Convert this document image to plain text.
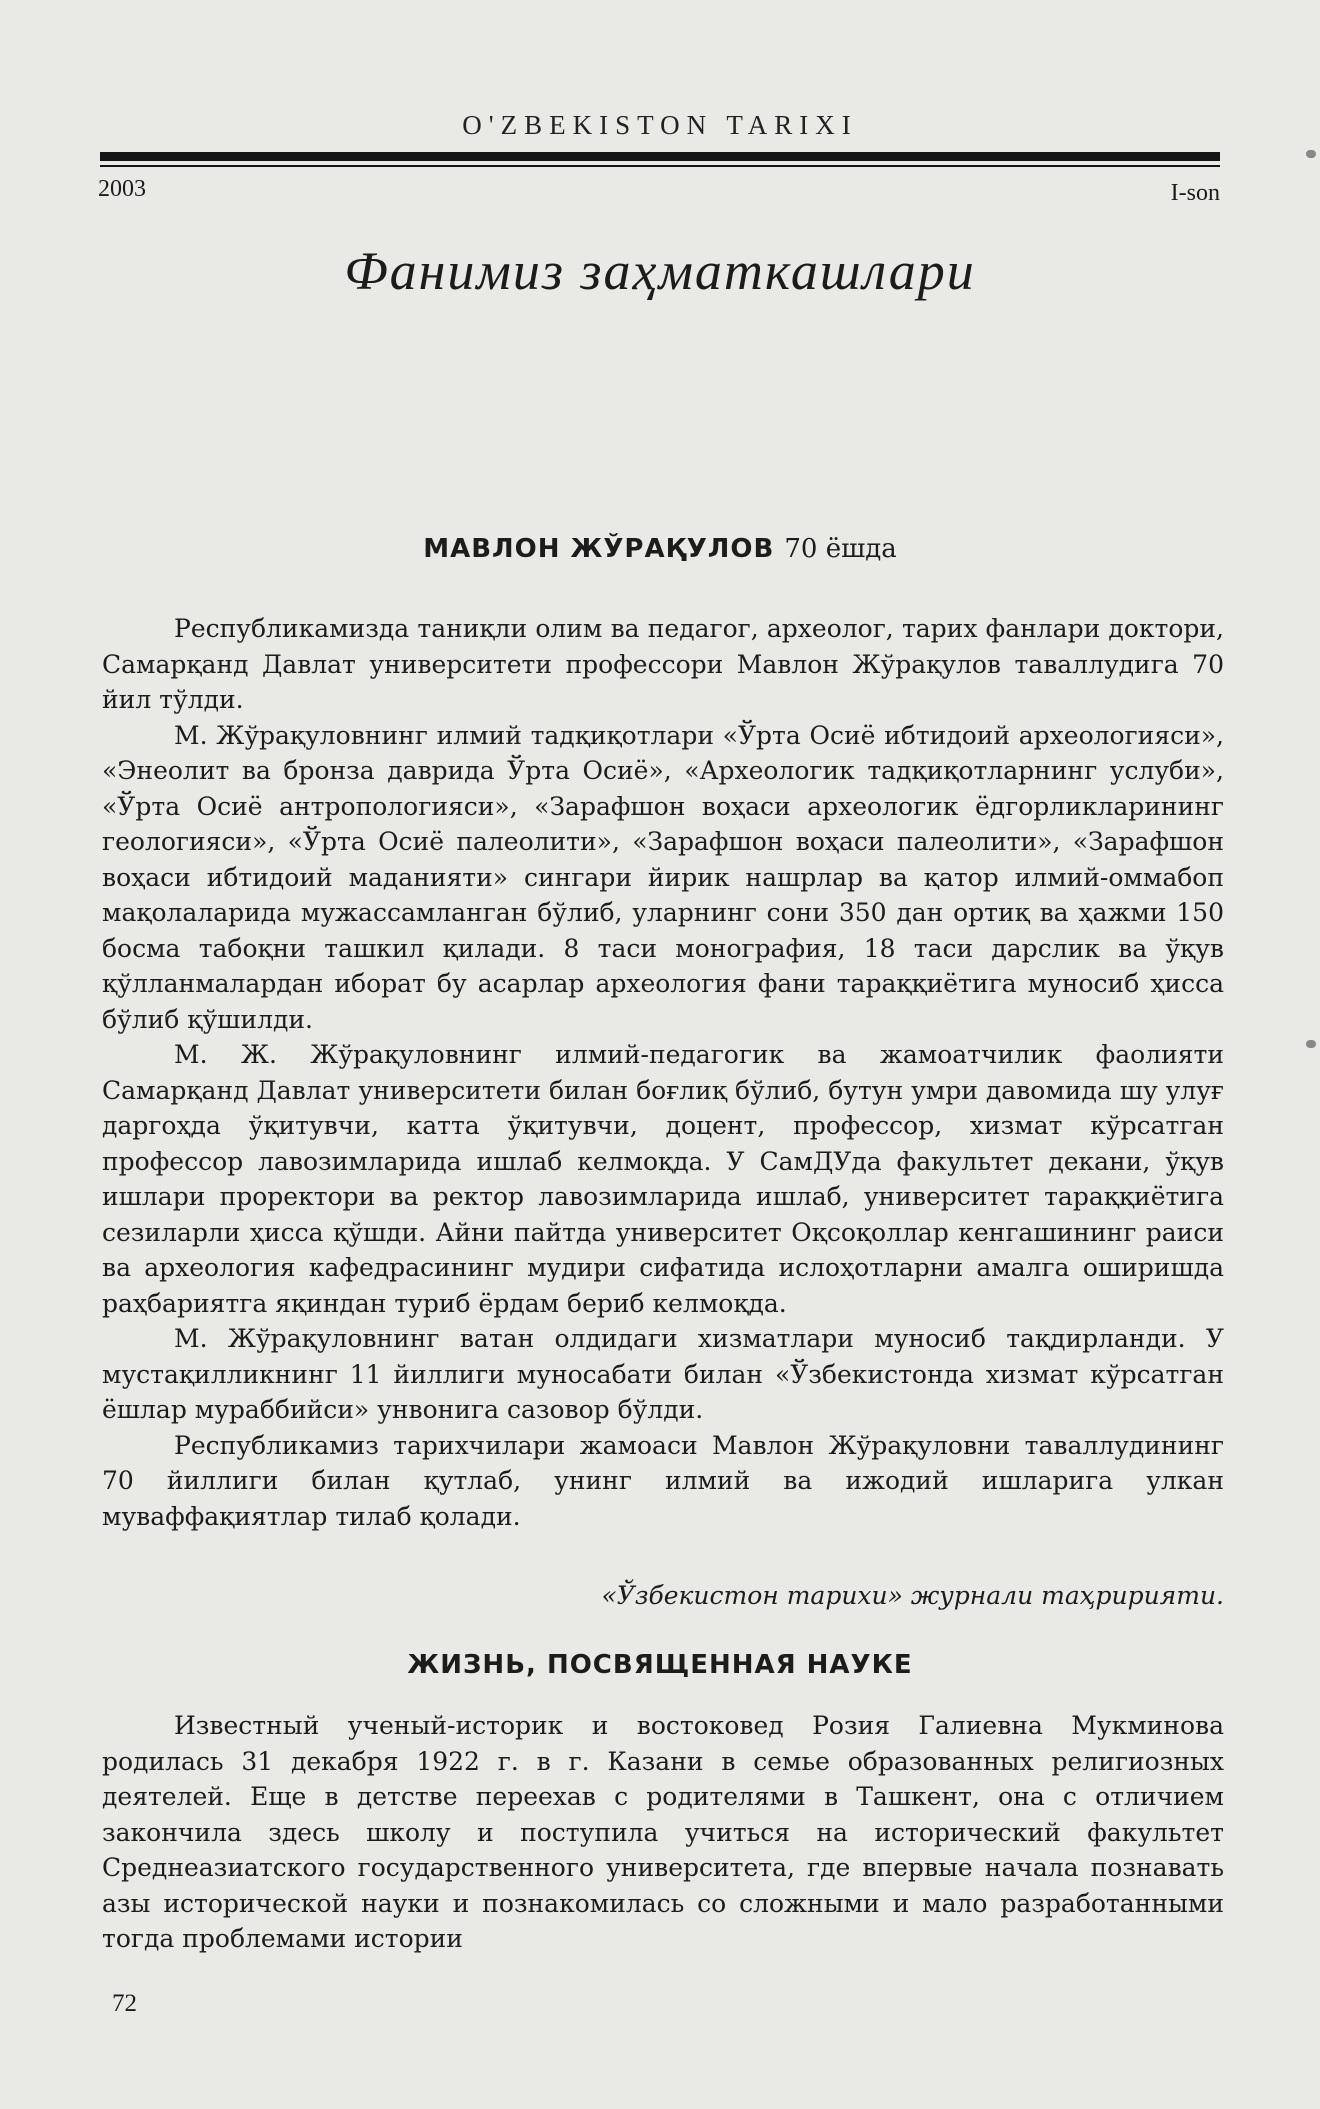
O'ZBEKISTON TARIXI
2003	I-son
Фанимиз заҳматкашлари
МАВЛОН ЖЎРАҚУЛОВ 70 ёшда

Республикамизда таниқли олим ва педагог, археолог, тарих фанлари доктори, Самарқанд Давлат университети профессори Мавлон Жўрақулов таваллудига 70 йил тўлди.

М. Жўрақуловнинг илмий тадқиқотлари «Ўрта Осиё ибтидоий археологияси», «Энеолит ва бронза даврида Ўрта Осиё», «Археологик тадқиқотларнинг услуби», «Ўрта Осиё антропологияси», «Зарафшон воҳаси археологик ёдгорликларининг геологияси», «Ўрта Осиё палеолити», «Зарафшон воҳаси палеолити», «Зарафшон воҳаси ибтидоий маданияти» сингари йирик нашрлар ва қатор илмий-оммабоп мақолаларида мужассамланган бўлиб, уларнинг сони 350 дан ортиқ ва ҳажми 150 босма табоқни ташкил қилади. 8 таси монография, 18 таси дарслик ва ўқув қўлланмалардан иборат бу асарлар археология фани тараққиётига муносиб ҳисса бўлиб қўшилди.

М. Ж. Жўрақуловнинг илмий-педагогик ва жамоатчилик фаолияти Самарқанд Давлат университети билан боғлиқ бўлиб, бутун умри давомида шу улуғ даргоҳда ўқитувчи, катта ўқитувчи, доцент, профессор, хизмат кўрсатган профессор лавозимларида ишлаб келмоқда. У СамДУда факультет декани, ўқув ишлари проректори ва ректор лавозимларида ишлаб, университет тараққиётига сезиларли ҳисса қўшди. Айни пайтда университет Оқсоқоллар кенгашининг раиси ва археология кафедрасининг мудири сифатида ислоҳотларни амалга оширишда раҳбариятга яқиндан туриб ёрдам бериб келмоқда.

М. Жўрақуловнинг ватан олдидаги хизматлари муносиб тақдирланди. У мустақилликнинг 11 йиллиги муносабати билан «Ўзбекистонда хизмат кўрсатган ёшлар мураббийси» унвонига сазовор бўлди.

Республикамиз тарихчилари жамоаси Мавлон Жўрақуловни таваллудининг 70 йиллиги билан қутлаб, унинг илмий ва ижодий ишларига улкан муваффақиятлар тилаб қолади.

«Ўзбекистон тарихи» журнали таҳририяти.
ЖИЗНЬ, ПОСВЯЩЕННАЯ НАУКЕ

Известный ученый-историк и востоковед Розия Галиевна Мукминова родилась 31 декабря 1922 г. в г. Казани в семье образованных религиозных деятелей. Еще в детстве переехав с родителями в Ташкент, она с отличием закончила здесь школу и поступила учиться на исторический факультет Среднеазиатского государственного университета, где впервые начала познавать азы исторической науки и познакомилась со сложными и мало разработанными тогда проблемами истории

72
